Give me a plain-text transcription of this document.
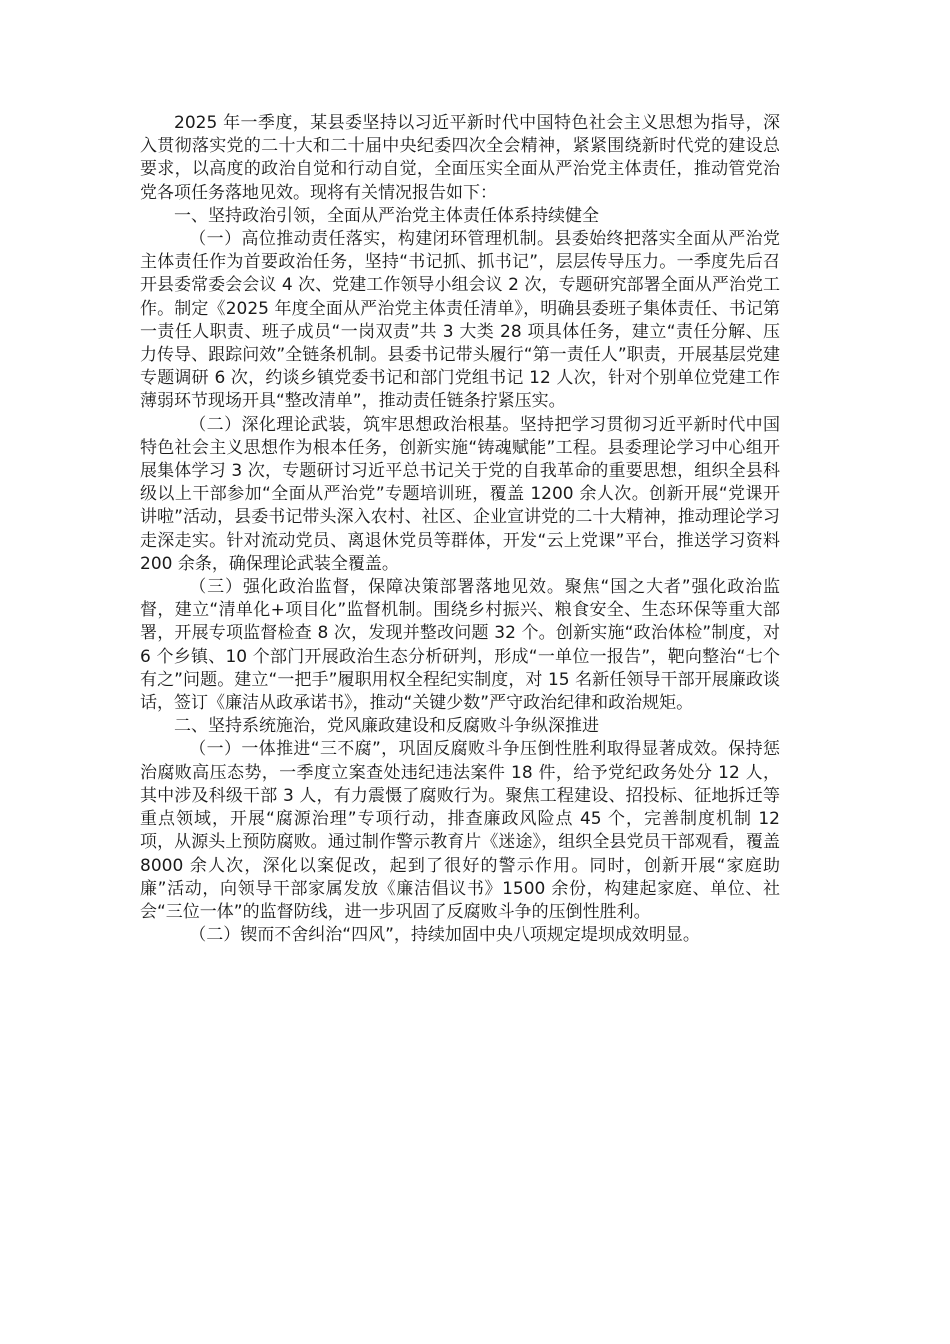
2025 年一季度，某县委坚持以习近平新时代中国特色社会主义思想为指导，深入贯彻落实党的二十大和二十届中央纪委四次全会精神，紧紧围绕新时代党的建设总要求，以高度的政治自觉和行动自觉，全面压实全面从严治党主体责任，推动管党治党各项任务落地见效。现将有关情况报告如下：

一、坚持政治引领，全面从严治党主体责任体系持续健全

（一）高位推动责任落实，构建闭环管理机制。县委始终把落实全面从严治党主体责任作为首要政治任务，坚持“书记抓、抓书记”，层层传导压力。一季度先后召开县委常委会会议 4 次、党建工作领导小组会议 2 次，专题研究部署全面从严治党工作。制定《2025 年度全面从严治党主体责任清单》，明确县委班子集体责任、书记第一责任人职责、班子成员“一岗双责”共 3 大类 28 项具体任务，建立“责任分解、压力传导、跟踪问效”全链条机制。县委书记带头履行“第一责任人”职责，开展基层党建专题调研 6 次，约谈乡镇党委书记和部门党组书记 12 人次，针对个别单位党建工作薄弱环节现场开具“整改清单”，推动责任链条拧紧压实。

（二）深化理论武装，筑牢思想政治根基。坚持把学习贯彻习近平新时代中国特色社会主义思想作为根本任务，创新实施“铸魂赋能”工程。县委理论学习中心组开展集体学习 3 次，专题研讨习近平总书记关于党的自我革命的重要思想，组织全县科级以上干部参加“全面从严治党”专题培训班，覆盖 1200 余人次。创新开展“党课开讲啦”活动，县委书记带头深入农村、社区、企业宣讲党的二十大精神，推动理论学习走深走实。针对流动党员、离退休党员等群体，开发“云上党课”平台，推送学习资料 200 余条，确保理论武装全覆盖。

（三）强化政治监督，保障决策部署落地见效。聚焦“国之大者”强化政治监督，建立“清单化+项目化”监督机制。围绕乡村振兴、粮食安全、生态环保等重大部署，开展专项监督检查 8 次，发现并整改问题 32 个。创新实施“政治体检”制度，对 6 个乡镇、10 个部门开展政治生态分析研判，形成“一单位一报告”，靶向整治“七个有之”问题。建立“一把手”履职用权全程纪实制度，对 15 名新任领导干部开展廉政谈话，签订《廉洁从政承诺书》，推动“关键少数”严守政治纪律和政治规矩。

二、坚持系统施治，党风廉政建设和反腐败斗争纵深推进

（一）一体推进“三不腐”，巩固反腐败斗争压倒性胜利取得显著成效。保持惩治腐败高压态势，一季度立案查处违纪违法案件 18 件，给予党纪政务处分 12 人，其中涉及科级干部 3 人，有力震慑了腐败行为。聚焦工程建设、招投标、征地拆迁等重点领域，开展“腐源治理”专项行动，排查廉政风险点 45 个，完善制度机制 12 项，从源头上预防腐败。通过制作警示教育片《迷途》，组织全县党员干部观看，覆盖 8000 余人次，深化以案促改，起到了很好的警示作用。同时，创新开展“家庭助廉”活动，向领导干部家属发放《廉洁倡议书》1500 余份，构建起家庭、单位、社会“三位一体”的监督防线，进一步巩固了反腐败斗争的压倒性胜利。

（二）锲而不舍纠治“四风”，持续加固中央八项规定堤坝成效明显。
